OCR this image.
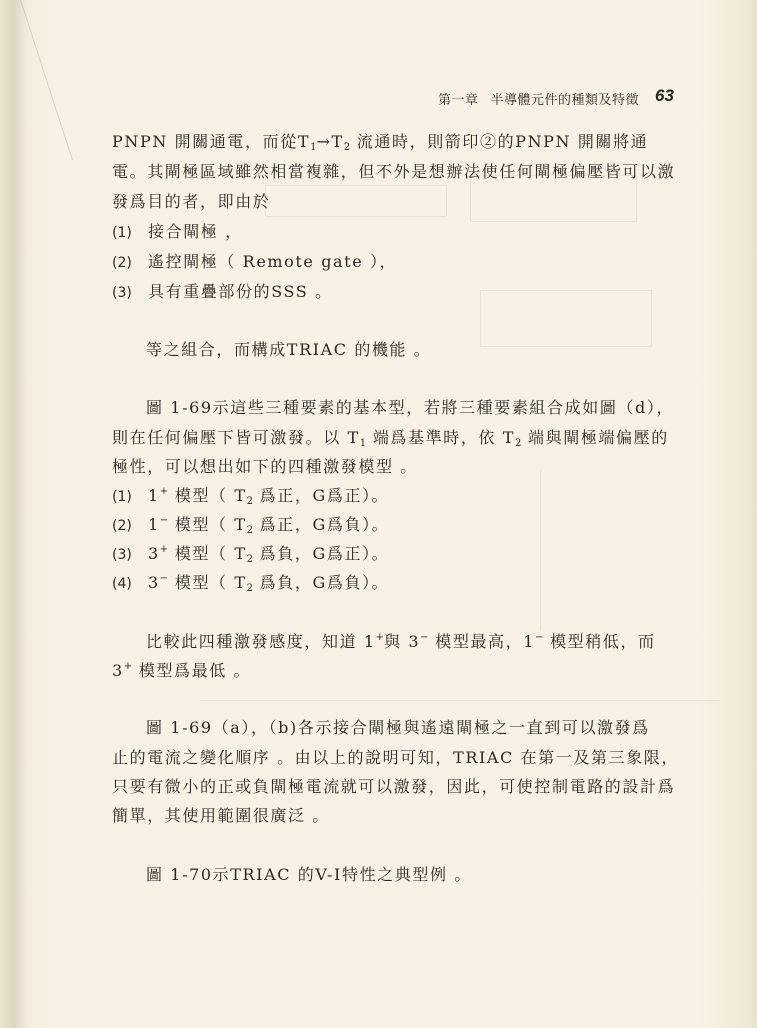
第一章 半導體元件的種類及特徵 63
PNPN 開關通電，而從$T_1\to T_2$ 流通時，則箭印②的PNPN 開關將通
電。其閘極區域雖然相當複雜，但不外是想辦法使任何閘極偏壓皆可以激
發爲目的者，即由於
(1) 接合閘極 ，
(2) 遙控閘極（ Remote gate ），
(3) 具有重疊部份的SSS 。
等之組合，而構成TRIAC 的機能 。
圖 1-69示這些三種要素的基本型，若將三種要素組合成如圖（d），
則在任何偏壓下皆可激發。以 $T_1$ 端爲基準時，依 $T_2$ 端與閘極端偏壓的
極性，可以想出如下的四種激發模型 。
(1) 1+ 模型（ $T_2$ 爲正，G爲正）。
(2) 1− 模型（ $T_2$ 爲正，G爲負）。
(3) 3+ 模型（ $T_2$ 爲負，G爲正）。
(4) 3− 模型（ $T_2$ 爲負，G爲負）。
比較此四種激發感度，知道 1+與 3− 模型最高，1− 模型稍低，而
3+ 模型爲最低 。
圖 1-69（a），（b)各示接合閘極與遙遠閘極之一直到可以激發爲
止的電流之變化順序 。由以上的說明可知，TRIAC 在第一及第三象限，
只要有微小的正或負閘極電流就可以激發，因此，可使控制電路的設計爲
簡單，其使用範圍很廣泛 。
圖 1-70示TRIAC 的V-I特性之典型例 。
